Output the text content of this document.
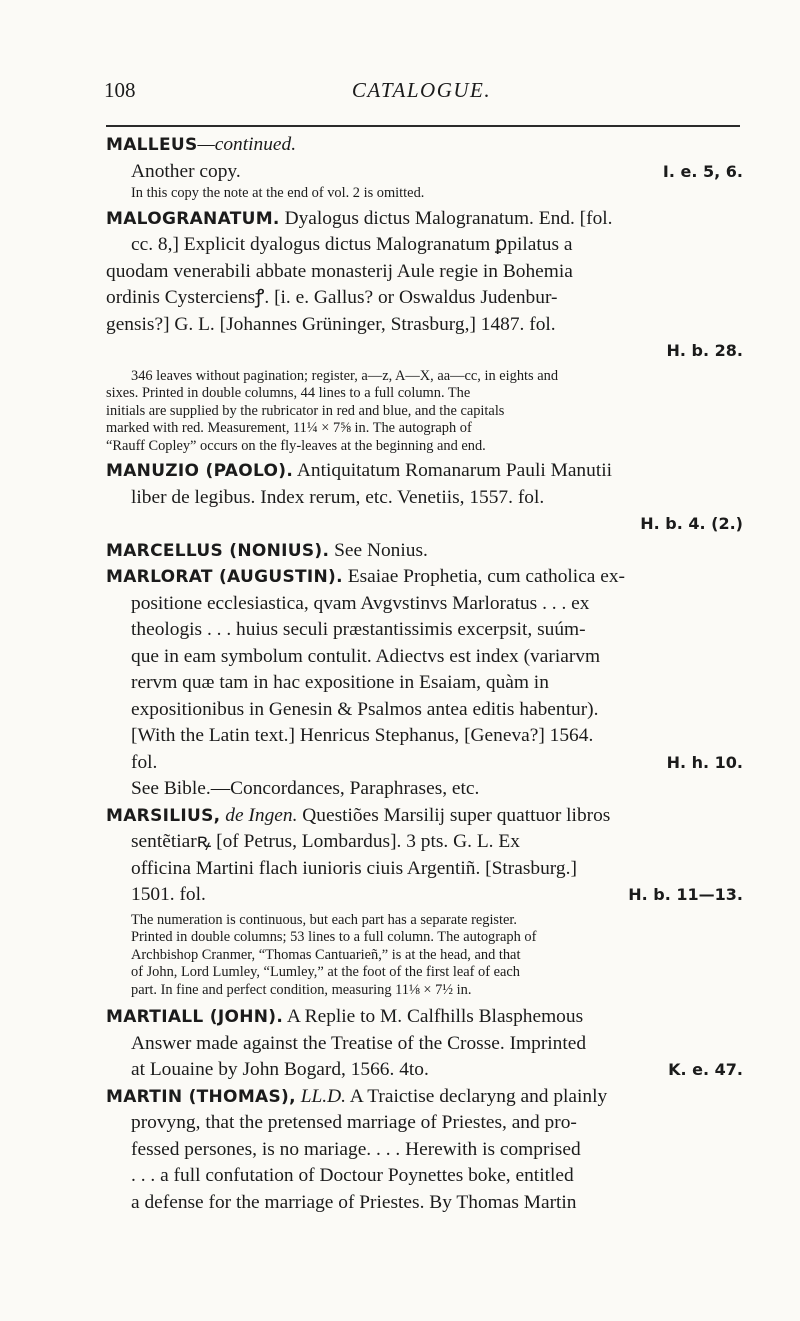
108	CATALOGUE.

MALLEUS—continued.

Another copy.	I. e. 5, 6.

In this copy the note at the end of vol. 2 is omitted.

MALOGRANATUM. Dyalogus dictus Malogranatum. End. [fol.

cc. 8,] Explicit dyalogus dictus Malogranatum ꝑpilatus a

quodam venerabili abbate monasterij Aule regie in Bohemia

ordinis Cysterciensꝭ. [i. e. Gallus? or Oswaldus Judenbur-

gensis?] G. L. [Johannes Grüninger, Strasburg,] 1487. fol.

H. b. 28.

346 leaves without pagination; register, a—z, A—X, aa—cc, in eights and

sixes. Printed in double columns, 44 lines to a full column. The

initials are supplied by the rubricator in red and blue, and the capitals

marked with red. Measurement, 11¼ × 7⅝ in. The autograph of

“Rauff Copley” occurs on the fly-leaves at the beginning and end.

MANUZIO (PAOLO). Antiquitatum Romanarum Pauli Manutii

liber de legibus. Index rerum, etc. Venetiis, 1557. fol.

H. b. 4. (2.)

MARCELLUS (NONIUS). See Nonius.

MARLORAT (AUGUSTIN). Esaiae Prophetia, cum catholica ex-

positione ecclesiastica, qvam Avgvstinvs Marloratus . . . ex

theologis . . . huius seculi præstantissimis excerpsit, suúm-

que in eam symbolum contulit. Adiectvs est index (variarvm

rervm quæ tam in hac expositione in Esaiam, quàm in

expositionibus in Genesin & Psalmos antea editis habentur).

[With the Latin text.] Henricus Stephanus, [Geneva?] 1564.

fol.	H. h. 10.

See Bible.—Concordances, Paraphrases, etc.

MARSILIUS, de Ingen. Questiões Marsilij super quattuor libros

sentẽtiarꝶ [of Petrus, Lombardus]. 3 pts. G. L. Ex

officina Martini flach iunioris ciuis Argentiñ. [Strasburg.]

1501. fol.	H. b. 11—13.

The numeration is continuous, but each part has a separate register.

Printed in double columns; 53 lines to a full column. The autograph of

Archbishop Cranmer, “Thomas Cantuarieñ,” is at the head, and that

of John, Lord Lumley, “Lumley,” at the foot of the first leaf of each

part. In fine and perfect condition, measuring 11⅛ × 7½ in.

MARTIALL (JOHN). A Replie to M. Calfhills Blasphemous

Answer made against the Treatise of the Crosse. Imprinted

at Louaine by John Bogard, 1566. 4to.	K. e. 47.

MARTIN (THOMAS), LL.D. A Traictise declaryng and plainly

provyng, that the pretensed marriage of Priestes, and pro-

fessed persones, is no mariage. . . . Herewith is comprised

. . . a full confutation of Doctour Poynettes boke, entitled

a defense for the marriage of Priestes. By Thomas Martin
